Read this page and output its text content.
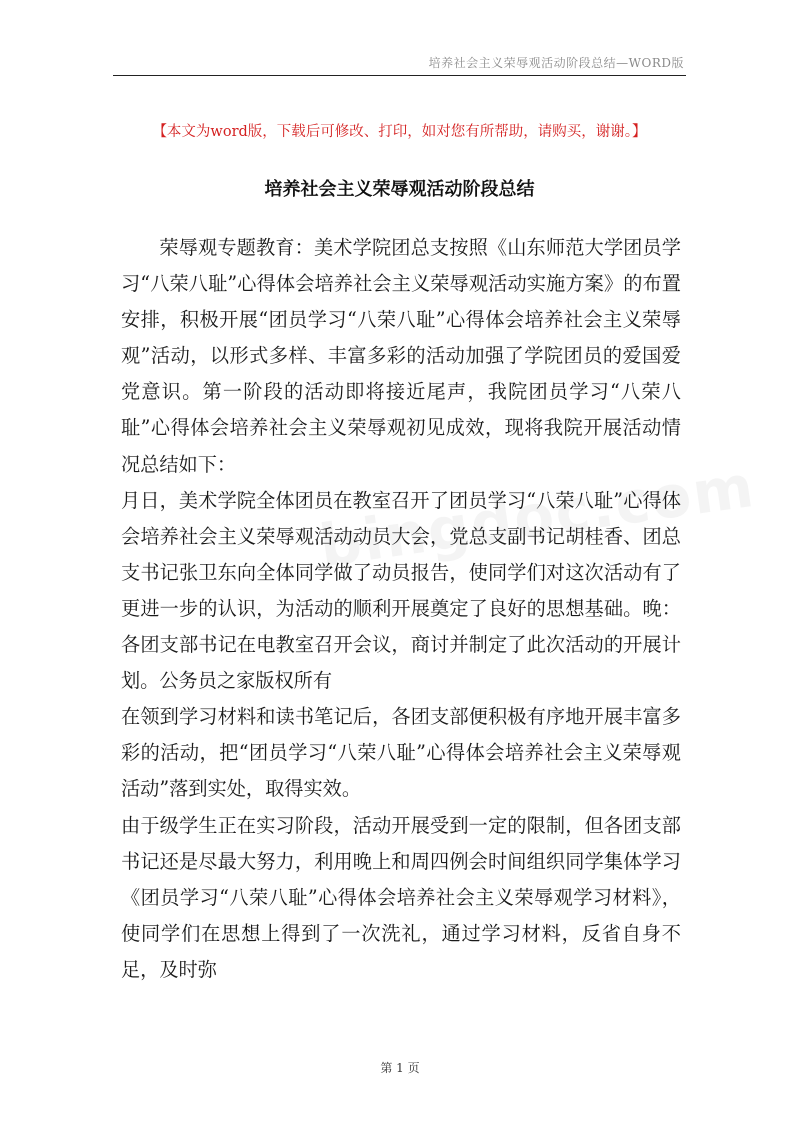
培养社会主义荣辱观活动阶段总结—WORD版
【本文为word版，下载后可修改、打印，如对您有所帮助，请购买，谢谢。】
培养社会主义荣辱观活动阶段总结

荣辱观专题教育：美术学院团总支按照《山东师范大学团员学习“八荣八耻”心得体会培养社会主义荣辱观活动实施方案》的布置安排，积极开展“团员学习“八荣八耻”心得体会培养社会主义荣辱观”活动，以形式多样、丰富多彩的活动加强了学院团员的爱国爱党意识。第一阶段的活动即将接近尾声，我院团员学习“八荣八耻”心得体会培养社会主义荣辱观初见成效，现将我院开展活动情况总结如下：

月日，美术学院全体团员在教室召开了团员学习“八荣八耻”心得体会培养社会主义荣辱观活动动员大会，党总支副书记胡桂香、团总支书记张卫东向全体同学做了动员报告，使同学们对这次活动有了更进一步的认识，为活动的顺利开展奠定了良好的思想基础。晚：各团支部书记在电教室召开会议，商讨并制定了此次活动的开展计划。公务员之家版权所有

在领到学习材料和读书笔记后，各团支部便积极有序地开展丰富多彩的活动，把“团员学习“八荣八耻”心得体会培养社会主义荣辱观活动”落到实处，取得实效。

由于级学生正在实习阶段，活动开展受到一定的限制，但各团支部书记还是尽最大努力，利用晚上和周四例会时间组织同学集体学习《团员学习“八荣八耻”心得体会培养社会主义荣辱观学习材料》，使同学们在思想上得到了一次洗礼，通过学习材料，反省自身不足，及时弥

第 1 页
